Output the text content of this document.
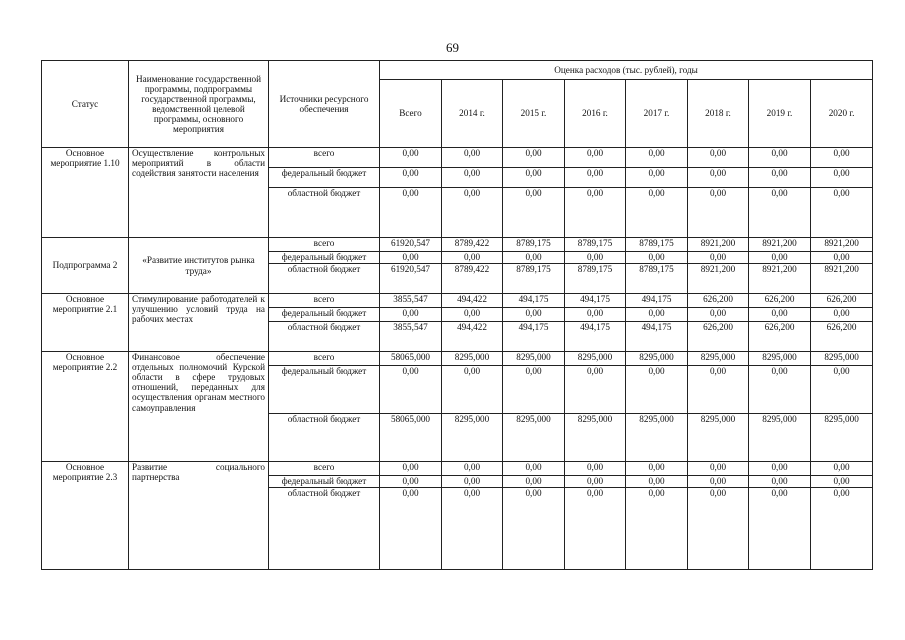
69
Статус	Наименование государственной программы, подпрограммы государственной программы, ведомственной целевой программы, основного мероприятия	Источники ресурсного обеспечения	Оценка расходов (тыс. рублей), годы							
			Всего	2014 г.	2015 г.	2016 г.	2017 г.	2018 г.	2019 г.	2020 г.
Основное мероприятие 1.10	Осуществление контрольных мероприятий в области содействия занятости населения	всего	0,00	0,00	0,00	0,00	0,00	0,00	0,00	0,00
		федеральный бюджет	0,00	0,00	0,00	0,00	0,00	0,00	0,00	0,00
		областной бюджет	0,00	0,00	0,00	0,00	0,00	0,00	0,00	0,00
Подпрограмма 2	«Развитие институтов рынка труда»	всего	61920,547	8789,422	8789,175	8789,175	8789,175	8921,200	8921,200	8921,200
		федеральный бюджет	0,00	0,00	0,00	0,00	0,00	0,00	0,00	0,00
		областной бюджет	61920,547	8789,422	8789,175	8789,175	8789,175	8921,200	8921,200	8921,200
Основное мероприятие 2.1	Стимулирование работодателей к улучшению условий труда на рабочих местах	всего	3855,547	494,422	494,175	494,175	494,175	626,200	626,200	626,200
		федеральный бюджет	0,00	0,00	0,00	0,00	0,00	0,00	0,00	0,00
		областной бюджет	3855,547	494,422	494,175	494,175	494,175	626,200	626,200	626,200
Основное мероприятие 2.2	Финансовое обеспечение отдельных полномочий Курской области в сфере трудовых отношений, переданных для осуществления органам местного самоуправления	всего	58065,000	8295,000	8295,000	8295,000	8295,000	8295,000	8295,000	8295,000
		федеральный бюджет	0,00	0,00	0,00	0,00	0,00	0,00	0,00	0,00
		областной бюджет	58065,000	8295,000	8295,000	8295,000	8295,000	8295,000	8295,000	8295,000
Основное мероприятие 2.3	Развитие социального партнерства	всего	0,00	0,00	0,00	0,00	0,00	0,00	0,00	0,00
		федеральный бюджет	0,00	0,00	0,00	0,00	0,00	0,00	0,00	0,00
		областной бюджет	0,00	0,00	0,00	0,00	0,00	0,00	0,00	0,00
